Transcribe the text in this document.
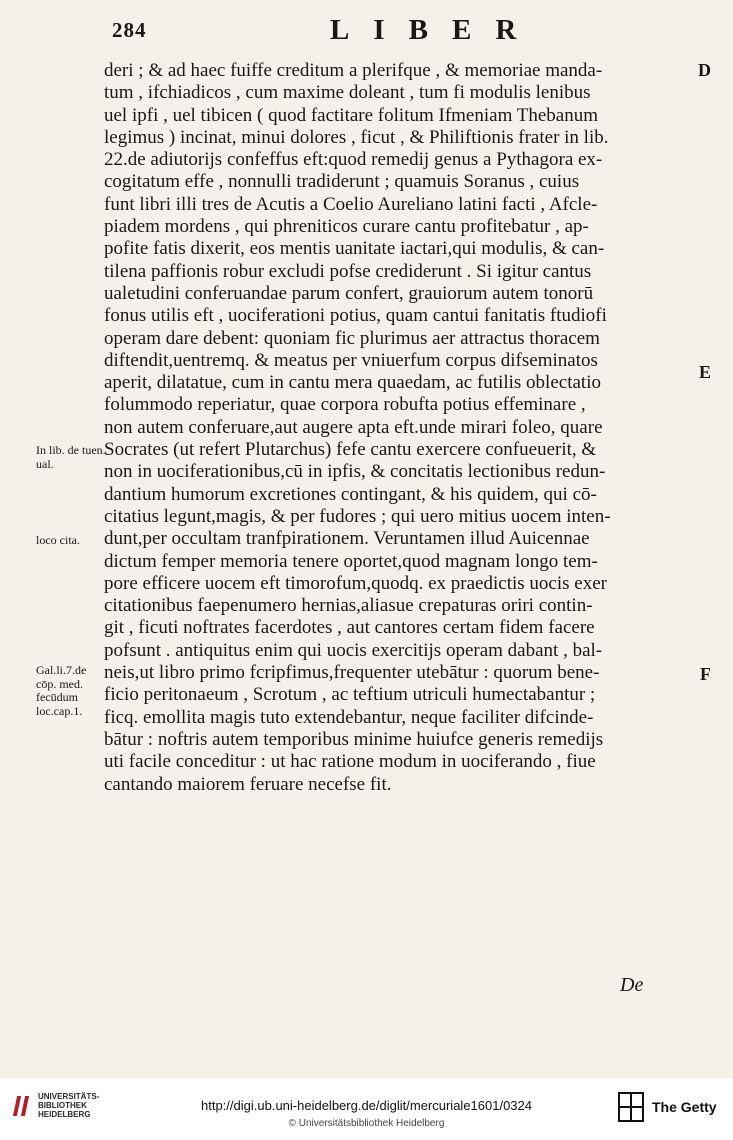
284	LIBER
deri ; & ad haec fuiffe creditum a plerifque , & memoriae manda-
tum , ifchiadicos , cum maxime doleant , tum fi modulis lenibus
uel ipfi , uel tibicen ( quod factitare folitum Ifmeniam Thebanum
legimus ) incinat, minui dolores , ficut , & Philiftionis frater in lib.
22.de adiutorijs confeffus eft:quod remedij genus a Pythagora ex-
cogitatum effe , nonnulli tradiderunt ; quamuis Soranus , cuius
funt libri illi tres de Acutis a Coelio Aureliano latini facti , Afcle-
piadem mordens , qui phreniticos curare cantu profitebatur , ap-
pofite fatis dixerit, eos mentis uanitate iactari,qui modulis, & can-
tilena paffionis robur excludi pofse crediderunt . Si igitur cantus
ualetudini conferuandae parum confert, grauiorum autem tonorū
fonus utilis eft , uociferationi potius, quam cantui fanitatis ftudiofi
operam dare debent: quoniam fic plurimus aer attractus thoracem
diftendit,uentremq. & meatus per vniuerfum corpus difseminatos
aperit, dilatatue, cum in cantu mera quaedam, ac futilis oblectatio
folummodo reperiatur, quae corpora robufta potius effeminare ,
non autem conferuare,aut augere apta eft.unde mirari foleo, quare
Socrates (ut refert Plutarchus) fefe cantu exercere confueuerit, &
non in uociferationibus,cū in ipfis, & concitatis lectionibus redun-
dantium humorum excretiones contingant, & his quidem, qui cō-
citatius legunt,magis, & per fudores ; qui uero mitius uocem inten-
dunt,per occultam tranfpirationem. Veruntamen illud Auicennae
dictum femper memoria tenere oportet,quod magnam longo tem-
pore efficere uocem eft timorofum,quodq. ex praedictis uocis exer
citationibus faepenumero hernias,aliasue crepaturas oriri contin-
git , ficuti noftrates facerdotes , aut cantores certam fidem facere
pofsunt . antiquitus enim qui uocis exercitijs operam dabant , bal-
neis,ut libro primo fcripfimus,frequenter utebātur : quorum bene-
ficio peritonaeum , Scrotum , ac teftium utriculi humectabantur ;
ficq. emollita magis tuto extendebantur, neque faciliter difcinde-
bātur : noftris autem temporibus minime huiufce generis remedijs
uti facile conceditur : ut hac ratione modum in uociferando , fiue
cantando maiorem feruare necefse fit.
In lib. de tuen. ual.
loco cita.
Gal.li.7.de cōp. med. fecūdum loc.cap.1.
D
E
F
De
UNIVERSITÄTS-
BIBLIOTHEK
HEIDELBERG
http://digi.ub.uni-heidelberg.de/diglit/mercuriale1601/0324
© Universitätsbibliothek Heidelberg
The Getty
